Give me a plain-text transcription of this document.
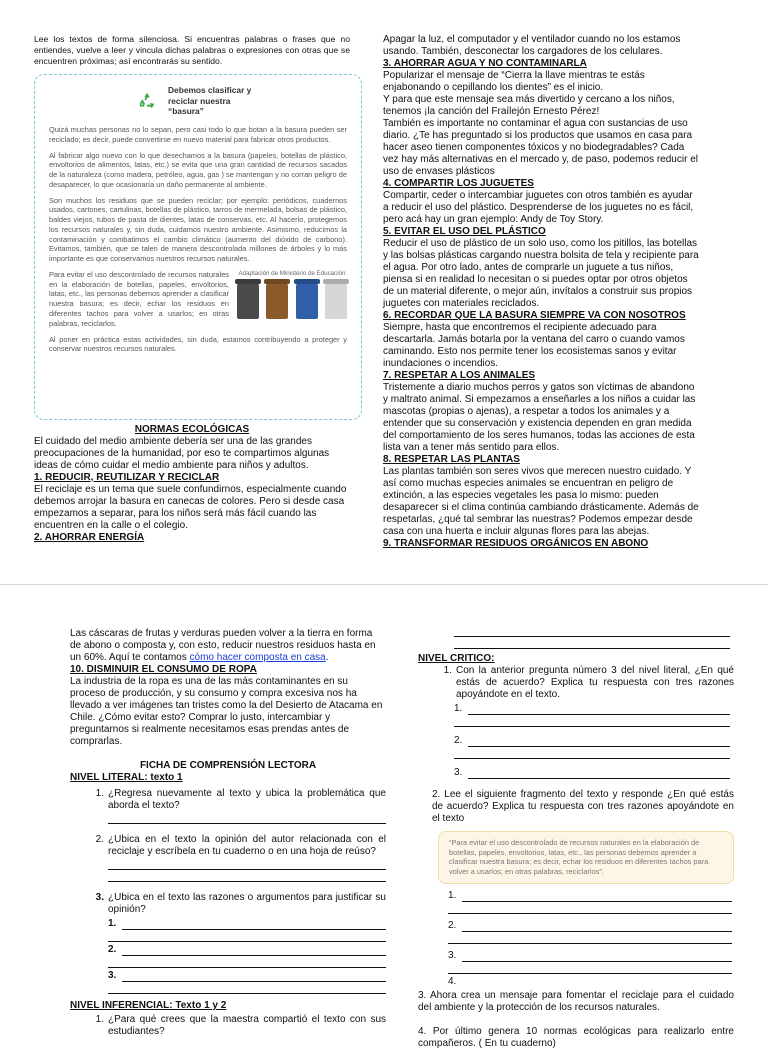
Lee los textos de forma silenciosa. Si encuentras palabras o frases que no entiendes, vuelve a leer y vincula dichas palabras o expresiones con otras que se encuentren próximas; así encontrarás su sentido.
Debemos clasificar y reciclar nuestra “basura”

Quizá muchas personas no lo sepan, pero casi todo lo que botan a la basura pueden ser reciclado; es decir, puede convertirse en nuevo material para fabricar otros productos.

Al fabricar algo nuevo con lo que desechamos a la basura (papeles, botellas de plástico, envoltorios de alimentos, latas, etc.) se evita que una gran cantidad de recursos sacados de la naturaleza (como madera, petróleo, agua, gas ) se mantengan y no corran peligro de desaparecer, lo que ocasionaría un daño permanente al ambiente.

Son muchos los residuos que se pueden reciclar; por ejemplo: periódicos, cuadernos usados, cartones, cartulinas, botellas de plástico, tarros de mermelada, bolsas de plástico, baldes viejos, tubos de pasta de dientes, latas de conservas, etc. Al hacerlo, protegemos los recursos naturales y, sin duda, cuidamos nuestro ambiente. Asimismo, reducimos la contaminación y combatimos el cambio climático (aumento del dióxido de carbono). Evitamos, también, que se talen de manera descontrolada millones de árboles y lo más importante es que conservamos nuestros recursos naturales.

Para evitar el uso descontrolado de recursos naturales en la elaboración de botellas, papeles, envoltorios, latas, etc., las personas debemos aprender a clasificar nuestra basura; es decir, echar los residuos en diferentes tachos para volver a usarlos; en otras palabras, reciclarlos.

Adaptación de Ministerio de Educación

Al poner en práctica estas actividades, sin duda, estamos contribuyendo a proteger y conservar nuestros recursos naturales.

NORMAS ECOLÓGICAS
El cuidado del medio ambiente debería ser una de las grandes preocupaciones de la humanidad, por eso te compartimos algunas ideas de cómo cuidar el medio ambiente para niños y adultos.
1. REDUCIR, REUTILIZAR Y RECICLAR
El reciclaje es un tema que suele confundirnos, especialmente cuando debemos arrojar la basura en canecas de colores. Pero si desde casa empezamos a separar, para los niños será más fácil cuando las encuentren en la calle o el colegio.
2. AHORRAR ENERGÍA
Apagar la luz, el computador y el ventilador cuando no los estamos usando. También, desconectar los cargadores de los celulares.
3. AHORRAR AGUA Y NO CONTAMINARLA
Popularizar el mensaje de “Cierra la llave mientras te estás enjabonando o cepillando los dientes” es el inicio.
Y para que este mensaje sea más divertido y cercano a los niños, tenemos ¡la canción del Fraílejón Ernesto Pérez!
También es importante no contaminar el agua con sustancias de uso diario. ¿Te has preguntado si los productos que usamos en casa para hacer aseo tienen componentes tóxicos y no biodegradables? Cada vez hay más alternativas en el mercado y, de paso, podemos reducir el uso de envases plásticos
4. COMPARTIR LOS JUGUETES
Compartir, ceder o intercambiar juguetes con otros también es ayudar a reducir el uso del plástico. Desprenderse de los juguetes no es fácil, pero acá hay un gran ejemplo: Andy de Toy Story.
5. EVITAR EL USO DEL PLÁSTICO
Reducir el uso de plástico de un solo uso, como los pitillos, las botellas y las bolsas plásticas cargando nuestra bolsita de tela y recipiente para el agua. Por otro lado, antes de comprarle un juguete a tus niños, piensa si en realidad lo necesitan o si puedes optar por otros objetos de un material diferente, o mejor aún, invítalos a construir sus propios juguetes con materiales reciclados.
6. RECORDAR QUE LA BASURA SIEMPRE VA CON NOSOTROS
Siempre, hasta que encontremos el recipiente adecuado para descartarla. Jamás botarla por la ventana del carro o cuando vamos caminando. Esto nos permite tener los ecosistemas sanos y evitar inundaciones o incendios.
7. RESPETAR A LOS ANIMALES
Tristemente a diario muchos perros y gatos son víctimas de abandono y maltrato animal. Si empezamos a enseñarles a los niños a cuidar las mascotas (propias o ajenas), a respetar a todos los animales y a entender que su conservación y existencia dependen en gran medida del comportamiento de los seres humanos, todas las acciones de esta lista van a tener más sentido para ellos.
8. RESPETAR LAS PLANTAS
Las plantas también son seres vivos que merecen nuestro cuidado. Y así como muchas especies animales se encuentran en peligro de extinción, a las especies vegetales les pasa lo mismo: pueden desaparecer si el clima continúa cambiando drásticamente. Además de respetarlas, ¿qué tal sembrar las nuestras? Podemos empezar desde casa con una huerta e incluir algunas flores para las abejas.
9. TRANSFORMAR RESIDUOS ORGÁNICOS EN ABONO
Las cáscaras de frutas y verduras pueden volver a la tierra en forma de abono o composta y, con esto, reducir nuestros residuos hasta en un 60%. Aquí te contamos cómo hacer composta en casa.
10. DISMINUIR EL CONSUMO DE ROPA
La industria de la ropa es una de las más contaminantes en su proceso de producción, y su consumo y compra excesiva nos ha llevado a ver imágenes tan tristes como la del Desierto de Atacama en Chile. ¿Cómo evitar esto? Comprar lo justo, intercambiar y preguntarnos si realmente necesitamos esas prendas antes de comprarlas.
FICHA DE COMPRENSIÓN LECTORA
NIVEL LITERAL: texto 1
1. ¿Regresa nuevamente al texto y ubica la problemática que aborda el texto?
2. ¿Ubica en el texto la opinión del autor relacionada con el reciclaje y escríbela en tu cuaderno o en una hoja de reúso?
3. ¿Ubica en el texto las razones o argumentos para justificar su opinión?
1.
2.
3.
NIVEL INFERENCIAL: Texto 1 y 2
1. ¿Para qué crees que la maestra compartió el texto con sus estudiantes?
NIVEL CRITICO:
1. Con la anterior pregunta número 3 del nivel literal, ¿En qué estás de acuerdo? Explica tu respuesta con tres razones apoyándote en el texto.
1.
2.
3.
2. Lee el siguiente fragmento del texto y responde ¿En qué estás de acuerdo? Explica tu respuesta con tres razones apoyándote en el texto
“Para evitar el uso descontrolado de recursos naturales en la elaboración de botellas, papeles, envoltorios, latas, etc., las personas debemos aprender a clasificar nuestra basura; es decir, echar los residuos en diferentes tachos para volver a usarlos; en otras palabras, reciclarlos”.
1.
2.
3.
4.
3. Ahora crea un mensaje para fomentar el reciclaje para el cuidado del ambiente y la protección de los recursos naturales.
4. Por último genera 10 normas ecológicas para realizarlo entre compañeros. ( En tu cuaderno)
